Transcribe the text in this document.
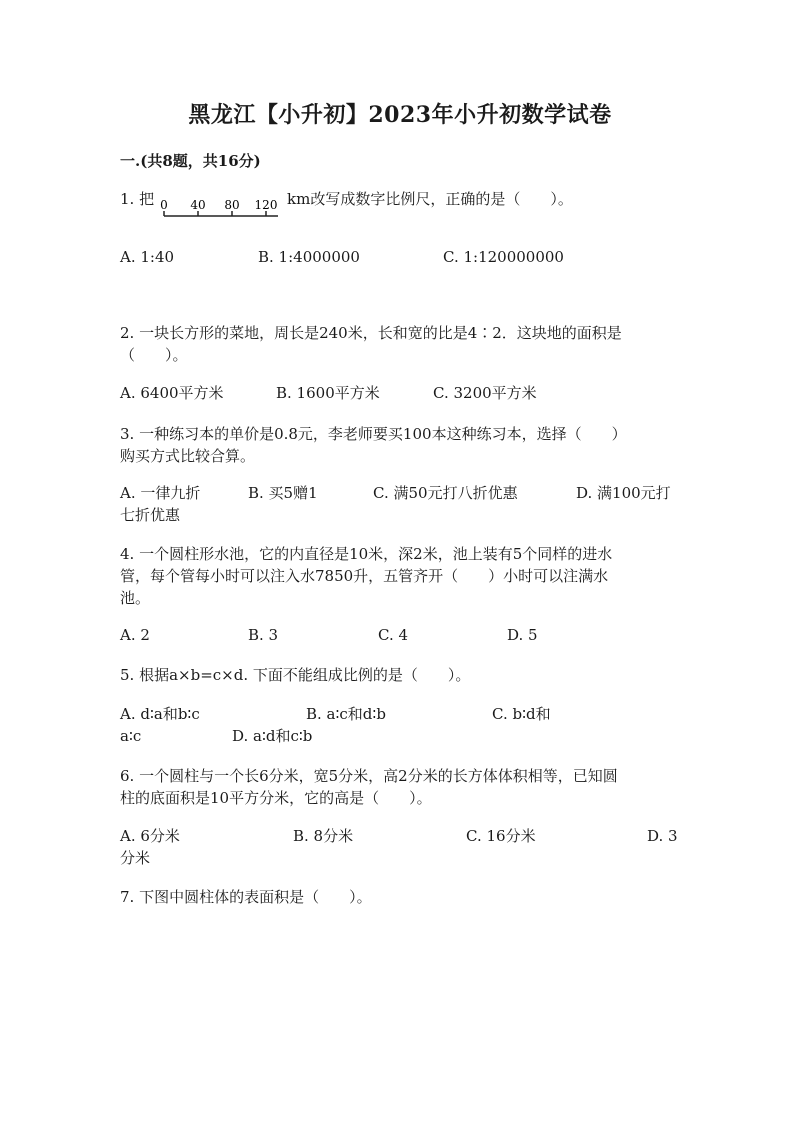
黑龙江【小升初】2023年小升初数学试卷
一.(共8题，共16分)
1. 把 0 40 80 120 km改写成数字比例尺，正确的是（　　）。
A. 1:40	B. 1:4000000	C. 1:120000000
2. 一块长方形的菜地，周长是240米，长和宽的比是4∶2．这块地的面积是
（　　）。
A. 6400平方米	B. 1600平方米	C. 3200平方米
3. 一种练习本的单价是0.8元，李老师要买100本这种练习本，选择（　　）
购买方式比较合算。
A. 一律九折	B. 买5赠1	C. 满50元打八折优惠	D. 满100元打
七折优惠
4. 一个圆柱形水池，它的内直径是10米，深2米，池上装有5个同样的进水
管，每个管每小时可以注入水7850升，五管齐开（　　）小时可以注满水
池。
A. 2	B. 3	C. 4	D. 5
5. 根据a×b=c×d. 下面不能组成比例的是（　　）。
A. d∶a和b∶c	B. a∶c和d∶b	C. b∶d和
a∶c	D. a∶d和c∶b
6. 一个圆柱与一个长6分米，宽5分米，高2分米的长方体体积相等，已知圆
柱的底面积是10平方分米，它的高是（　　）。
A. 6分米	B. 8分米	C. 16分米	D. 3
分米
7. 下图中圆柱体的表面积是（　　）。
